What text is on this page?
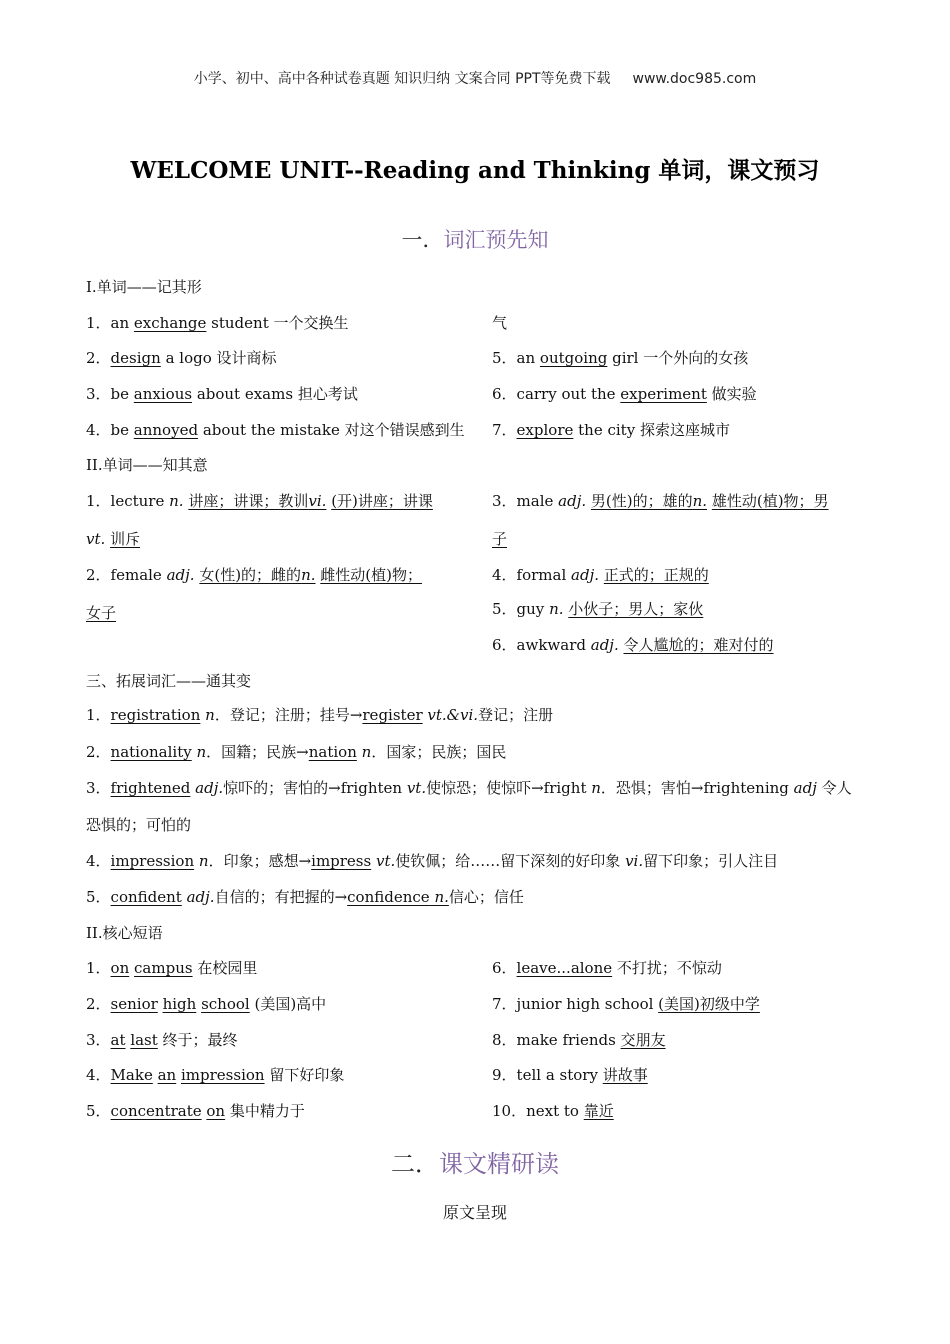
小学、初中、高中各种试卷真题 知识归纳 文案合同 PPT等免费下载 www.doc985.com
WELCOME UNIT--Reading and Thinking 单词，课文预习
一．词汇预先知
I.单词——记其形
1．an exchange student 一个交换生
2．design a logo 设计商标
3．be anxious about exams 担心考试
4．be annoyed about the mistake 对这个错误感到生
气
5．an outgoing girl 一个外向的女孩
6．carry out the experiment 做实验
7．explore the city 探索这座城市
II.单词——知其意
1．lecture n. 讲座；讲课；教训vi. (开)讲座；讲课
vt. 训斥
2．female adj. 女(性)的；雌的n. 雌性动(植)物；
女子
3．male adj. 男(性)的；雄的n. 雄性动(植)物；男
子
4．formal adj. 正式的；正规的
5．guy n. 小伙子；男人；家伙
6．awkward adj. 令人尴尬的；难对付的
三、拓展词汇——通其变
1．registration n．登记；注册；挂号→register vt.&vi.登记；注册
2．nationality n．国籍；民族→nation n．国家；民族；国民
3．frightened adj.惊吓的；害怕的→frighten vt.使惊恐；使惊吓→fright n．恐惧；害怕→frightening adj 令人
恐惧的；可怕的
4．impression n．印象；感想→impress vt.使钦佩；给……留下深刻的好印象 vi.留下印象；引人注目
5．confident adj.自信的；有把握的→confidence n.信心；信任
II.核心短语
1．on campus 在校园里
2．senior high school (美国)高中
3．at last 终于；最终
4．Make an impression 留下好印象
5．concentrate on 集中精力于
6．leave...alone 不打扰；不惊动
7．junior high school (美国)初级中学
8．make friends 交朋友
9．tell a story 讲故事
10．next to 靠近
二．课文精研读
原文呈现
